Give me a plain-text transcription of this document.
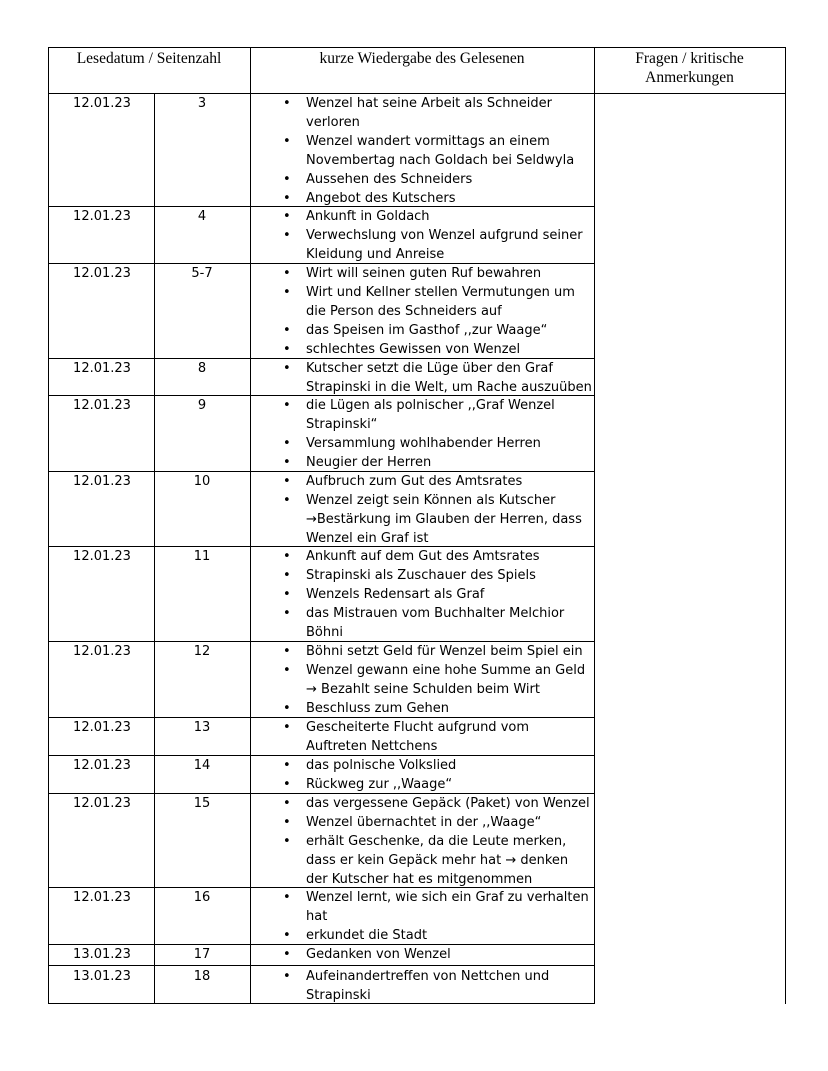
Lesedatum / Seitenzahl	kurze Wiedergabe des Gelesenen	Fragen / kritische
Anmerkungen
12.01.23	3	• Wenzel hat seine Arbeit als Schneider verloren
• Wenzel wandert vormittags an einem Novembertag nach Goldach bei Seldwyla
• Aussehen des Schneiders
• Angebot des Kutschers
12.01.23	4	• Ankunft in Goldach
• Verwechslung von Wenzel aufgrund seiner Kleidung und Anreise
12.01.23	5-7	• Wirt will seinen guten Ruf bewahren
• Wirt und Kellner stellen Vermutungen um die Person des Schneiders auf
• das Speisen im Gasthof ,,zur Waage“
• schlechtes Gewissen von Wenzel
12.01.23	8	• Kutscher setzt die Lüge über den Graf Strapinski in die Welt, um Rache auszuüben
12.01.23	9	• die Lügen als polnischer ,,Graf Wenzel Strapinski“
• Versammlung wohlhabender Herren
• Neugier der Herren
12.01.23	10	• Aufbruch zum Gut des Amtsrates
• Wenzel zeigt sein Können als Kutscher
→Bestärkung im Glauben der Herren, dass Wenzel ein Graf ist
12.01.23	11	• Ankunft auf dem Gut des Amtsrates
• Strapinski als Zuschauer des Spiels
• Wenzels Redensart als Graf
• das Mistrauen vom Buchhalter Melchior Böhni
12.01.23	12	• Böhni setzt Geld für Wenzel beim Spiel ein
• Wenzel gewann eine hohe Summe an Geld
→ Bezahlt seine Schulden beim Wirt
• Beschluss zum Gehen
12.01.23	13	• Gescheiterte Flucht aufgrund vom Auftreten Nettchens
12.01.23	14	• das polnische Volkslied
• Rückweg zur ,,Waage“
12.01.23	15	• das vergessene Gepäck (Paket) von Wenzel
• Wenzel übernachtet in der ,,Waage“
• erhält Geschenke, da die Leute merken, dass er kein Gepäck mehr hat → denken der Kutscher hat es mitgenommen
12.01.23	16	• Wenzel lernt, wie sich ein Graf zu verhalten hat
• erkundet die Stadt
13.01.23	17	• Gedanken von Wenzel
13.01.23	18	• Aufeinandertreffen von Nettchen und Strapinski
